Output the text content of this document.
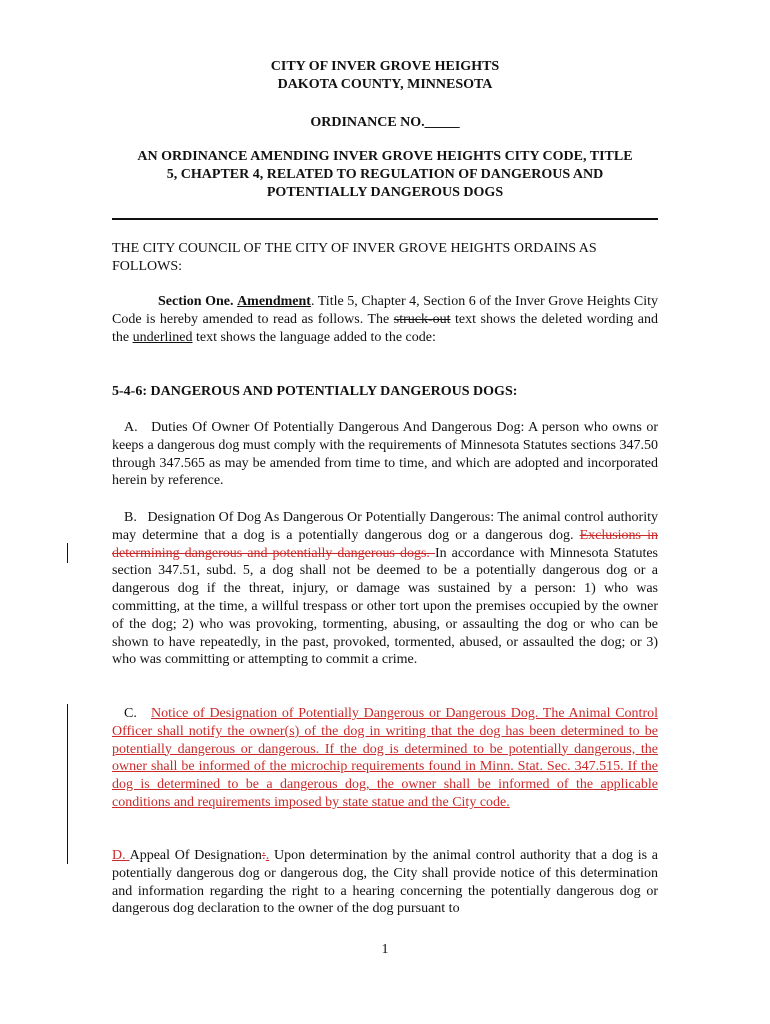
CITY OF INVER GROVE HEIGHTS
DAKOTA COUNTY, MINNESOTA
ORDINANCE NO._____
AN ORDINANCE AMENDING INVER GROVE HEIGHTS CITY CODE, TITLE
5, CHAPTER 4, RELATED TO REGULATION OF DANGEROUS AND
POTENTIALLY DANGEROUS DOGS
THE CITY COUNCIL OF THE CITY OF INVER GROVE HEIGHTS ORDAINS AS FOLLOWS:
Section One. Amendment. Title 5, Chapter 4, Section 6 of the Inver Grove Heights City Code is hereby amended to read as follows. The struck-out text shows the deleted wording and the underlined text shows the language added to the code:
5-4-6: DANGEROUS AND POTENTIALLY DANGEROUS DOGS:
A. Duties Of Owner Of Potentially Dangerous And Dangerous Dog: A person who owns or keeps a dangerous dog must comply with the requirements of Minnesota Statutes sections 347.50 through 347.565 as may be amended from time to time, and which are adopted and incorporated herein by reference.
B. Designation Of Dog As Dangerous Or Potentially Dangerous: The animal control authority may determine that a dog is a potentially dangerous dog or a dangerous dog. Exclusions in determining dangerous and potentially dangerous dogs. In accordance with Minnesota Statutes section 347.51, subd. 5, a dog shall not be deemed to be a potentially dangerous dog or a dangerous dog if the threat, injury, or damage was sustained by a person: 1) who was committing, at the time, a willful trespass or other tort upon the premises occupied by the owner of the dog; 2) who was provoking, tormenting, abusing, or assaulting the dog or who can be shown to have repeatedly, in the past, provoked, tormented, abused, or assaulted the dog; or 3) who was committing or attempting to commit a crime.
C. Notice of Designation of Potentially Dangerous or Dangerous Dog. The Animal Control Officer shall notify the owner(s) of the dog in writing that the dog has been determined to be potentially dangerous or dangerous. If the dog is determined to be potentially dangerous, the owner shall be informed of the microchip requirements found in Minn. Stat. Sec. 347.515. If the dog is determined to be a dangerous dog, the owner shall be informed of the applicable conditions and requirements imposed by state statue and the City code.
D. Appeal Of Designation:. Upon determination by the animal control authority that a dog is a potentially dangerous dog or dangerous dog, the City shall provide notice of this determination and information regarding the right to a hearing concerning the potentially dangerous dog or dangerous dog declaration to the owner of the dog pursuant to
1
